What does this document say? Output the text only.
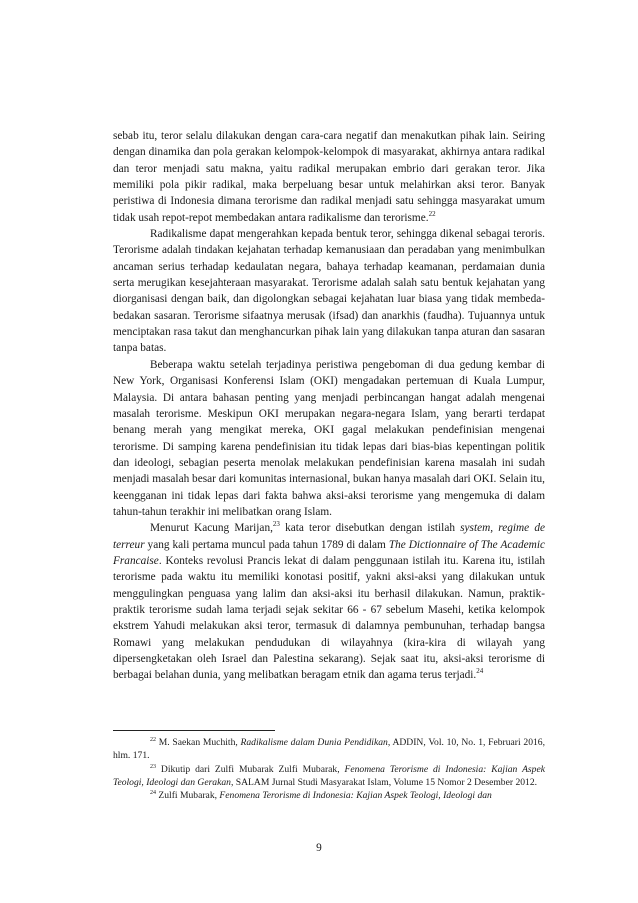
sebab itu, teror selalu dilakukan dengan cara-cara negatif dan menakutkan pihak lain. Seiring dengan dinamika dan pola gerakan kelompok-kelompok di masyarakat, akhirnya antara radikal dan teror menjadi satu makna, yaitu radikal merupakan embrio dari gerakan teror. Jika memiliki pola pikir radikal, maka berpeluang besar untuk melahirkan aksi teror. Banyak peristiwa di Indonesia dimana terorisme dan radikal menjadi satu sehingga masyarakat umum tidak usah repot-repot membedakan antara radikalisme dan terorisme.$^{22}$

Radikalisme dapat mengerahkan kepada bentuk teror, sehingga dikenal sebagai teroris. Terorisme adalah tindakan kejahatan terhadap kemanusiaan dan peradaban yang menimbulkan ancaman serius terhadap kedaulatan negara, bahaya terhadap keamanan, perdamaian dunia serta merugikan kesejahteraan masyarakat. Terorisme adalah salah satu bentuk kejahatan yang diorganisasi dengan baik, dan digolongkan sebagai kejahatan luar biasa yang tidak membeda-bedakan sasaran. Terorisme sifaatnya merusak (ifsad) dan anarkhis (faudha). Tujuannya untuk menciptakan rasa takut dan menghancurkan pihak lain yang dilakukan tanpa aturan dan sasaran tanpa batas.

Beberapa waktu setelah terjadinya peristiwa pengeboman di dua gedung kembar di New York, Organisasi Konferensi Islam (OKI) mengadakan pertemuan di Kuala Lumpur, Malaysia. Di antara bahasan penting yang menjadi perbincangan hangat adalah mengenai masalah terorisme. Meskipun OKI merupakan negara-negara Islam, yang berarti terdapat benang merah yang mengikat mereka, OKI gagal melakukan pendefinisian mengenai terorisme. Di samping karena pendefinisian itu tidak lepas dari bias-bias kepentingan politik dan ideologi, sebagian peserta menolak melakukan pendefinisian karena masalah ini sudah menjadi masalah besar dari komunitas internasional, bukan hanya masalah dari OKI. Selain itu, keengganan ini tidak lepas dari fakta bahwa aksi-aksi terorisme yang mengemuka di dalam tahun-tahun terakhir ini melibatkan orang Islam.

Menurut Kacung Marijan,$^{23}$ kata teror disebutkan dengan istilah system, regime de terreur yang kali pertama muncul pada tahun 1789 di dalam The Dictionnaire of The Academic Francaise. Konteks revolusi Prancis lekat di dalam penggunaan istilah itu. Karena itu, istilah terorisme pada waktu itu memiliki konotasi positif, yakni aksi-aksi yang dilakukan untuk menggulingkan penguasa yang lalim dan aksi-aksi itu berhasil dilakukan. Namun, praktik-praktik terorisme sudah lama terjadi sejak sekitar 66 - 67 sebelum Masehi, ketika kelompok ekstrem Yahudi melakukan aksi teror, termasuk di dalamnya pembunuhan, terhadap bangsa Romawi yang melakukan pendudukan di wilayahnya (kira-kira di wilayah yang dipersengketakan oleh Israel dan Palestina sekarang). Sejak saat itu, aksi-aksi terorisme di berbagai belahan dunia, yang melibatkan beragam etnik dan agama terus terjadi.$^{24}$

$^{22}$ M. Saekan Muchith, Radikalisme dalam Dunia Pendidikan, ADDIN, Vol. 10, No. 1, Februari 2016, hlm. 171.

$^{23}$ Dikutip dari Zulfi Mubarak Zulfi Mubarak, Fenomena Terorisme di Indonesia: Kajian Aspek Teologi, Ideologi dan Gerakan, SALAM Jurnal Studi Masyarakat Islam, Volume 15 Nomor 2 Desember 2012.

$^{24}$ Zulfi Mubarak, Fenomena Terorisme di Indonesia: Kajian Aspek Teologi, Ideologi dan

9
